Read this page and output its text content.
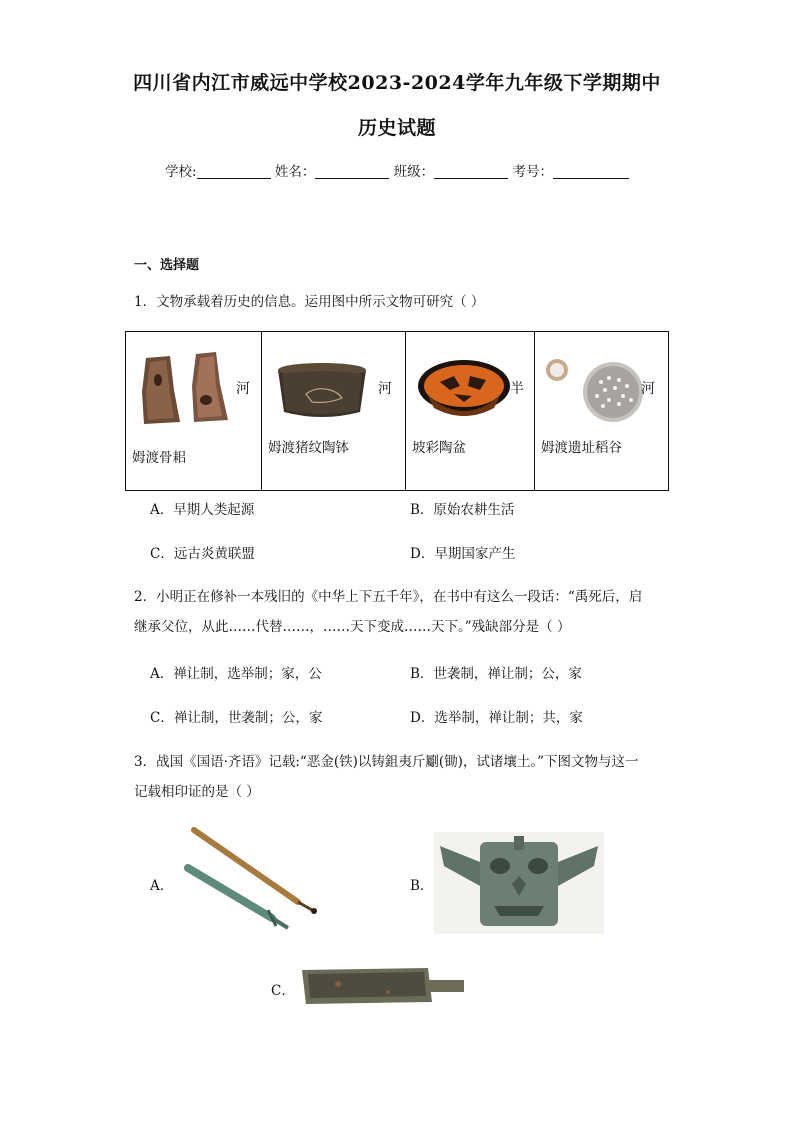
四川省内江市威远中学校2023-2024学年九年级下学期期中
历史试题
学校:	姓名：	班级：	考号：
一、选择题
1．文物承载着历史的信息。运用图中所示文物可研究（ ）
河
姆渡骨耜

河
姆渡猪纹陶钵

半
坡彩陶盆

河
姆渡遗址稻谷
A．早期人类起源	B．原始农耕生活
C．远古炎黄联盟	D．早期国家产生
2．小明正在修补一本残旧的《中华上下五千年》，在书中有这么一段话：“禹死后，启
继承父位，从此……代替……，……天下变成……天下。”残缺部分是（ ）
A．禅让制，选举制；家，公	B．世袭制，禅让制；公，家
C．禅让制，世袭制；公，家	D．选举制，禅让制；共，家
3．战国《国语·齐语》记载:“恶金(铁)以铸鉏夷斤劚(锄)，试诸壤土。”下图文物与这一
记载相印证的是（ ）
A．	B．
C．
